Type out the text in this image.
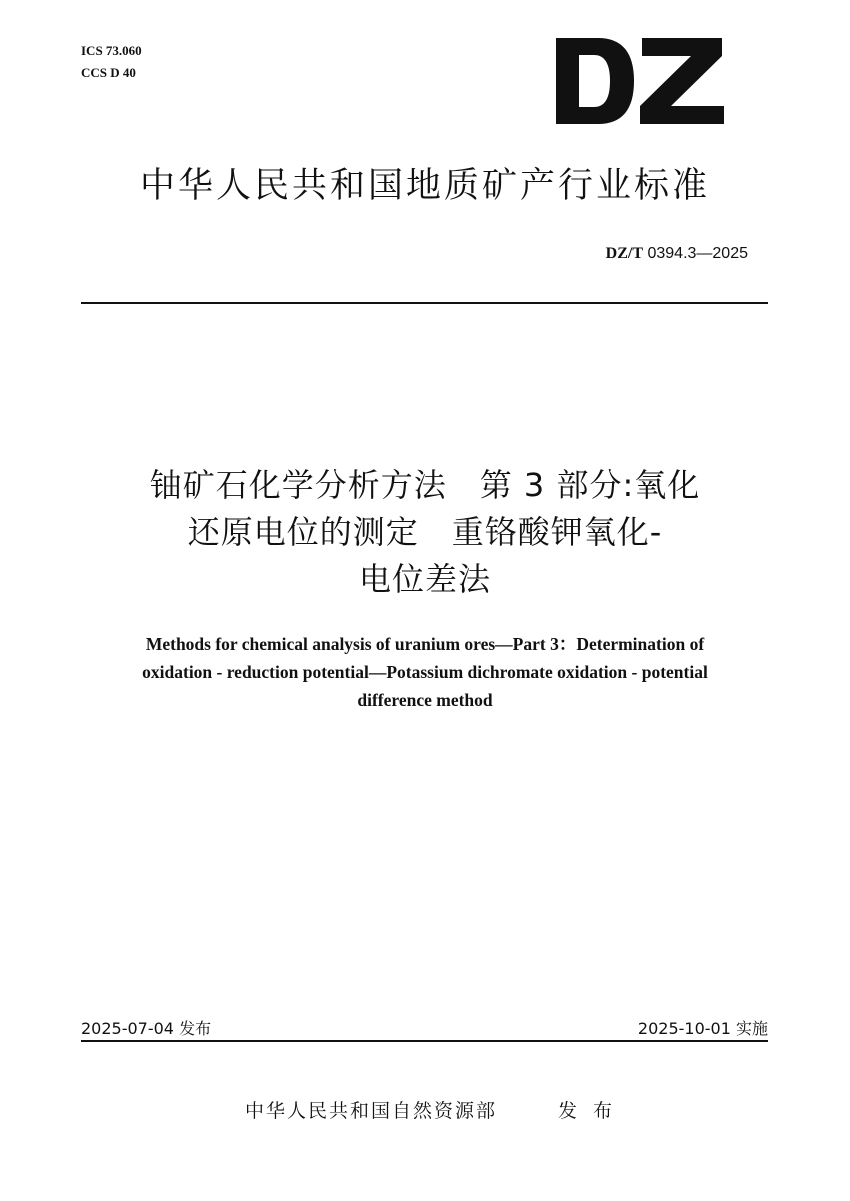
ICS 73.060
CCS D 40
中华人民共和国地质矿产行业标准
DZ/T 0394.3—2025
铀矿石化学分析方法　第 3 部分:氧化
还原电位的测定　重铬酸钾氧化-
电位差法
Methods for chemical analysis of uranium ores—Part 3：Determination of
oxidation - reduction potential—Potassium dichromate oxidation - potential
difference method
2025-07-04 发布	2025-10-01 实施
中华人民共和国自然资源部	发 布
